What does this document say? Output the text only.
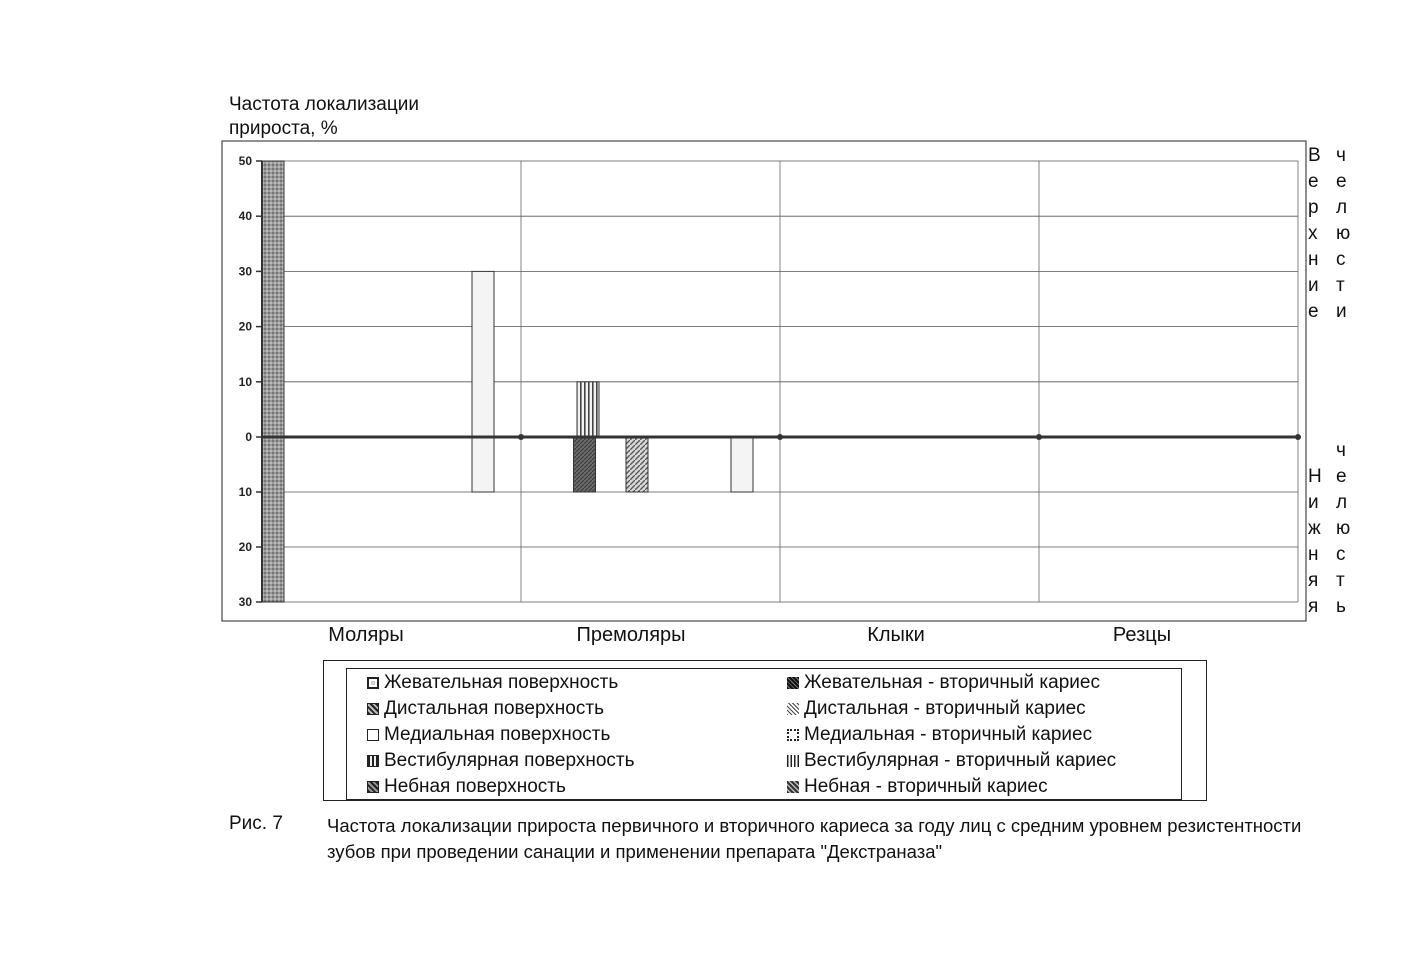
Частота локализации
прироста, %
50
40
30
20
10
0
10
20
30
Моляры	Премоляры	Клыки	Резцы
В
е
р
х
н
и
е
ч
е
л
ю
с
т
и
Н
и
ж
н
я
я
ч
е
л
ю
с
т
ь
Жевательная поверхность
Дистальная поверхность
Медиальная поверхность
Вестибулярная поверхность
Небная поверхность
Жевательная - вторичный кариес
Дистальная - вторичный кариес
Медиальная - вторичный кариес
Вестибулярная - вторичный кариес
Небная - вторичный кариес
Рис. 7 Частота локализации прироста первичного и вторичного кариеса за году лиц с средним уровнем резистентности зубов при проведении санации и применении препарата "Декстраназа"
